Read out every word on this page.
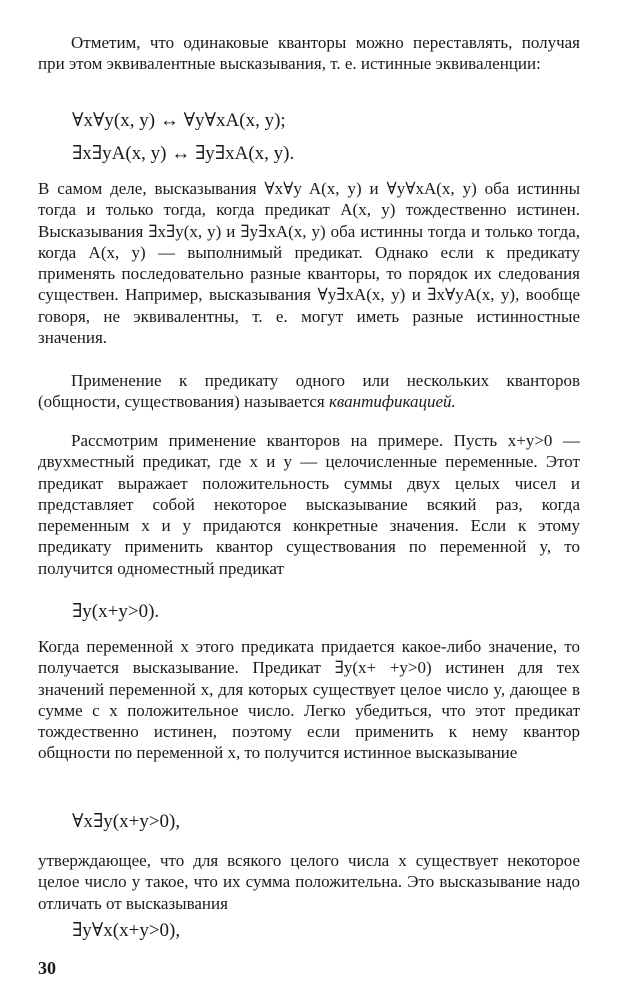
Отметим, что одинаковые кванторы можно переставлять, получая при этом эквивалентные высказывания, т. е. истинные эквиваленции:

∀x∀y(x, y) ↔ ∀y∀xA(x, y);

∃x∃yA(x, y) ↔ ∃y∃xA(x, y).

В самом деле, высказывания ∀x∀y A(x, y) и ∀y∀xA(x, y) оба истинны тогда и только тогда, когда предикат A(x, y) тождественно истинен. Высказывания ∃x∃y(x, y) и ∃y∃xA(x, y) оба истинны тогда и только тогда, когда A(x, y) — выполнимый предикат. Однако если к предикату применять последовательно разные кванторы, то порядок их следования существен. Например, высказывания ∀y∃xA(x, y) и ∃x∀yA(x, y), вообще говоря, не эквивалентны, т. е. могут иметь разные истинностные значения.

Применение к предикату одного или нескольких кванторов (общности, существования) называется квантификацией.

Рассмотрим применение кванторов на примере. Пусть x+y>0 — двухместный предикат, где x и y — целочисленные переменные. Этот предикат выражает положительность суммы двух целых чисел и представляет собой некоторое высказывание всякий раз, когда переменным x и y придаются конкретные значения. Если к этому предикату применить квантор существования по переменной y, то получится одноместный предикат

∃y(x+y>0).

Когда переменной x этого предиката придается какое-либо значение, то получается высказывание. Предикат ∃y(x+ +y>0) истинен для тех значений переменной x, для которых существует целое число y, дающее в сумме с x положительное число. Легко убедиться, что этот предикат тождественно истинен, поэтому если применить к нему квантор общности по переменной x, то получится истинное высказывание

∀x∃y(x+y>0),

утверждающее, что для всякого целого числа x существует некоторое целое число y такое, что их сумма положительна. Это высказывание надо отличать от высказывания

∃y∀x(x+y>0),

30
